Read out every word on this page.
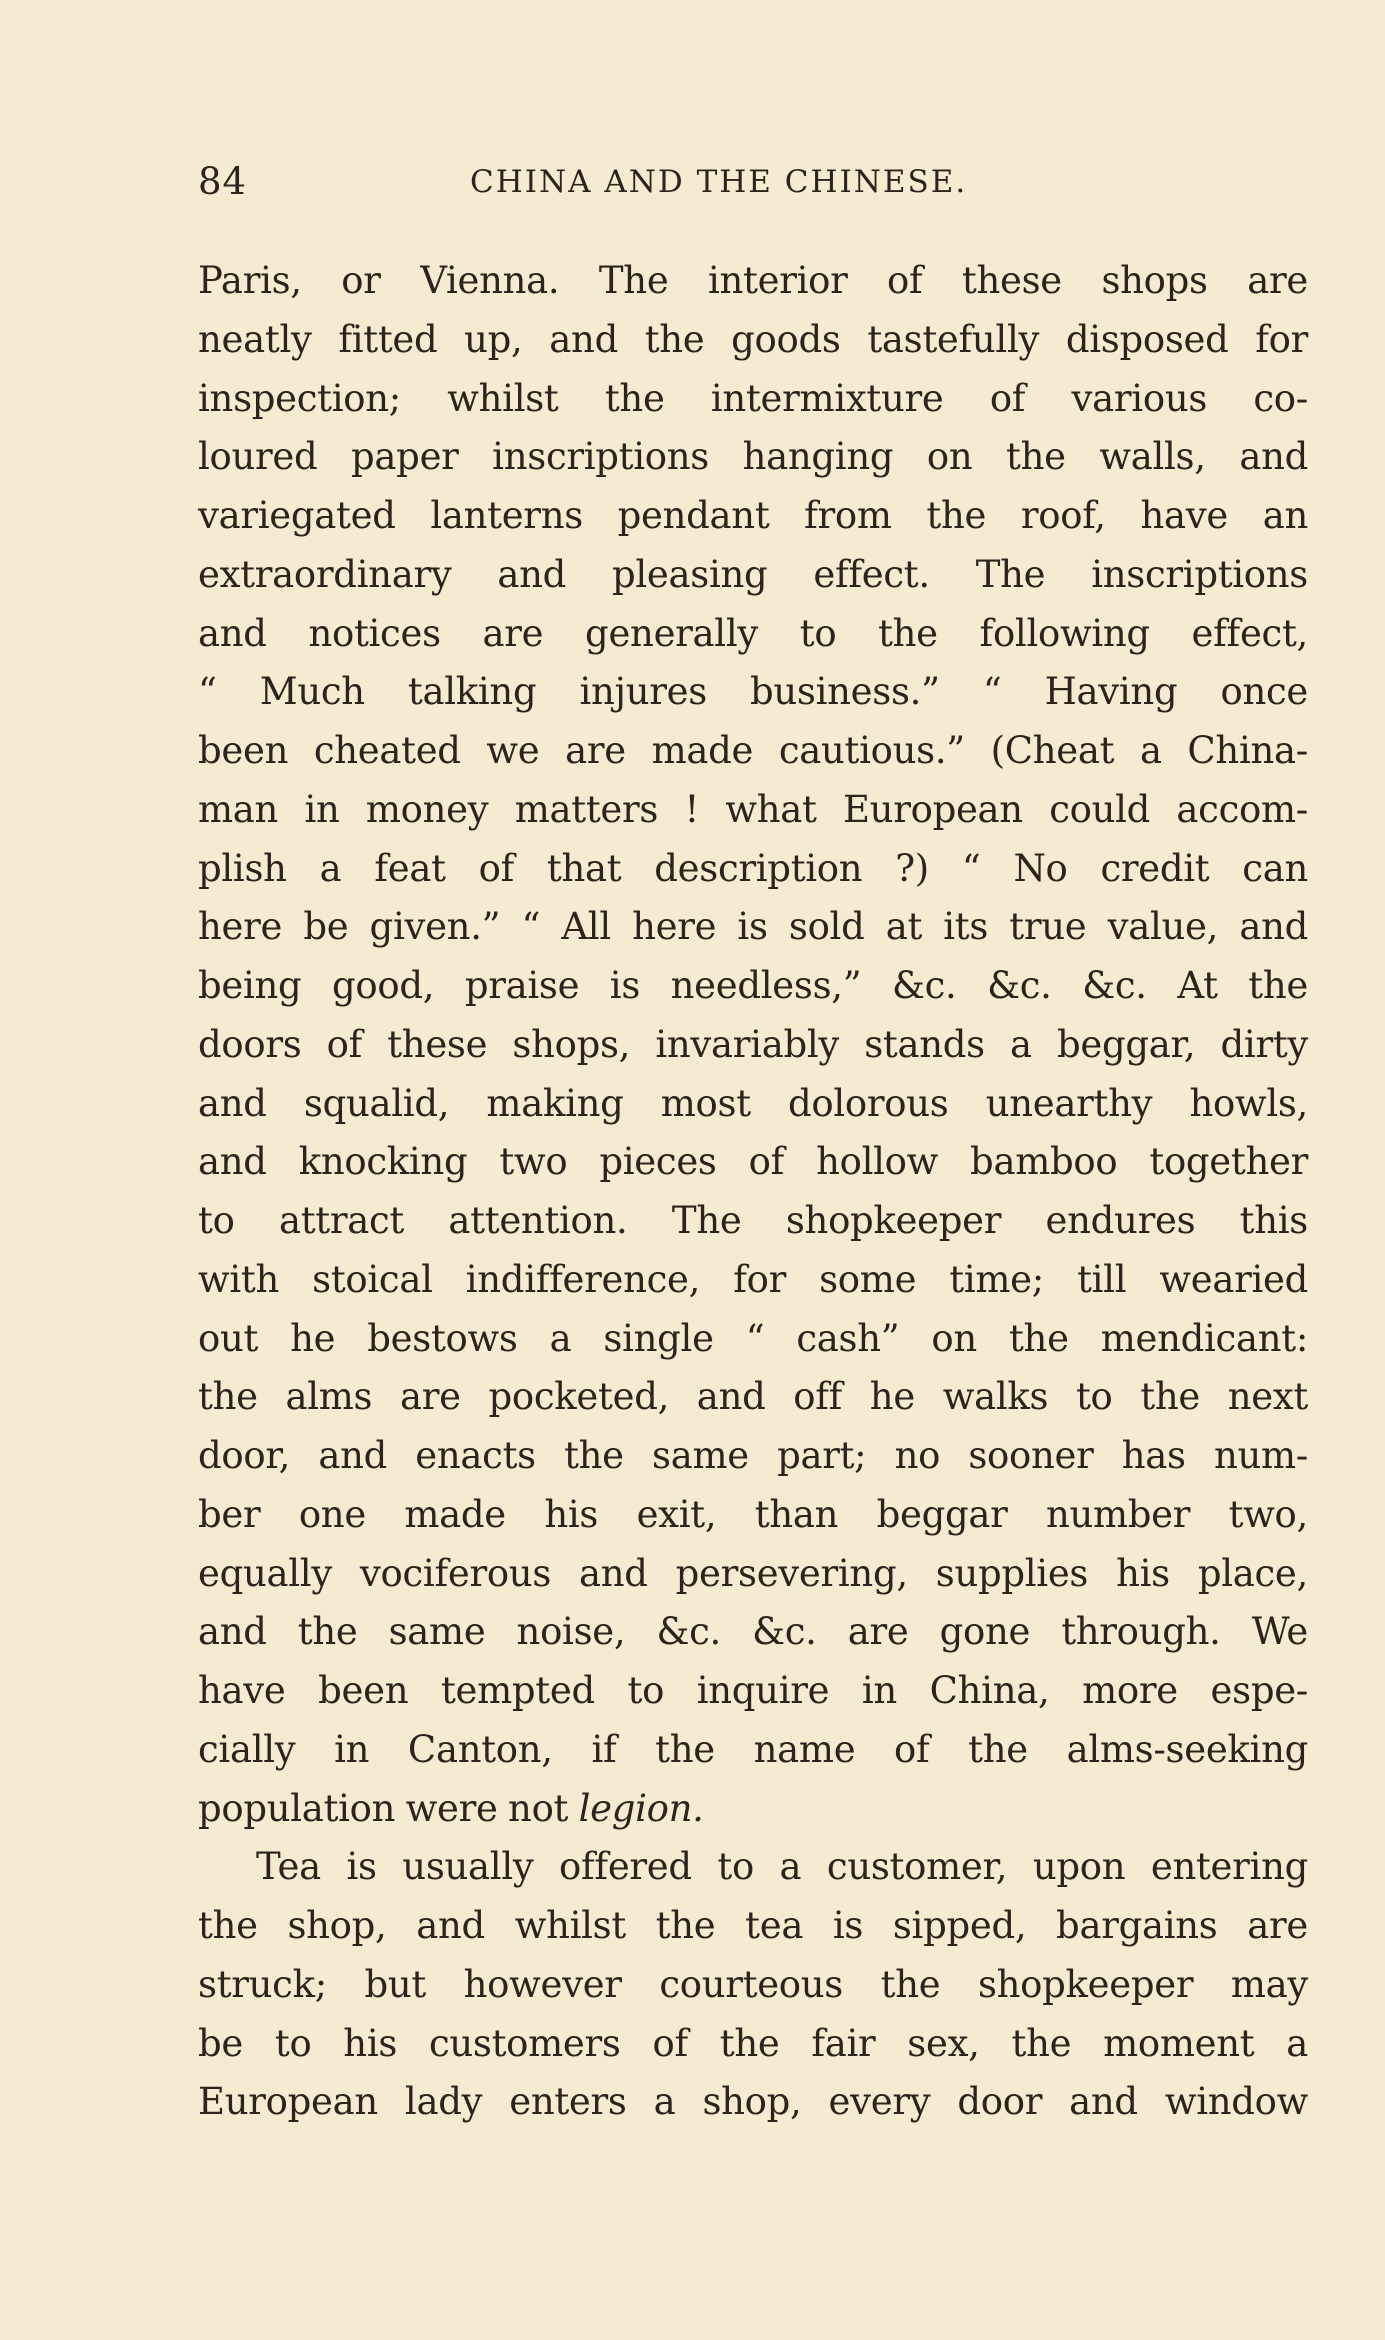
84	CHINA AND THE CHINESE.
Paris, or Vienna. The interior of these shops are
neatly fitted up, and the goods tastefully disposed for
inspection; whilst the intermixture of various co-
loured paper inscriptions hanging on the walls, and
variegated lanterns pendant from the roof, have an
extraordinary and pleasing effect. The inscriptions
and notices are generally to the following effect,
“ Much talking injures business.” “ Having once
been cheated we are made cautious.” (Cheat a China-
man in money matters ! what European could accom-
plish a feat of that description ?) “ No credit can
here be given.” “ All here is sold at its true value, and
being good, praise is needless,” &c. &c. &c. At the
doors of these shops, invariably stands a beggar, dirty
and squalid, making most dolorous unearthy howls,
and knocking two pieces of hollow bamboo together
to attract attention. The shopkeeper endures this
with stoical indifference, for some time; till wearied
out he bestows a single “ cash” on the mendicant:
the alms are pocketed, and off he walks to the next
door, and enacts the same part; no sooner has num-
ber one made his exit, than beggar number two,
equally vociferous and persevering, supplies his place,
and the same noise, &c. &c. are gone through. We
have been tempted to inquire in China, more espe-
cially in Canton, if the name of the alms-seeking
population were not legion.
Tea is usually offered to a customer, upon entering
the shop, and whilst the tea is sipped, bargains are
struck; but however courteous the shopkeeper may
be to his customers of the fair sex, the moment a
European lady enters a shop, every door and window
